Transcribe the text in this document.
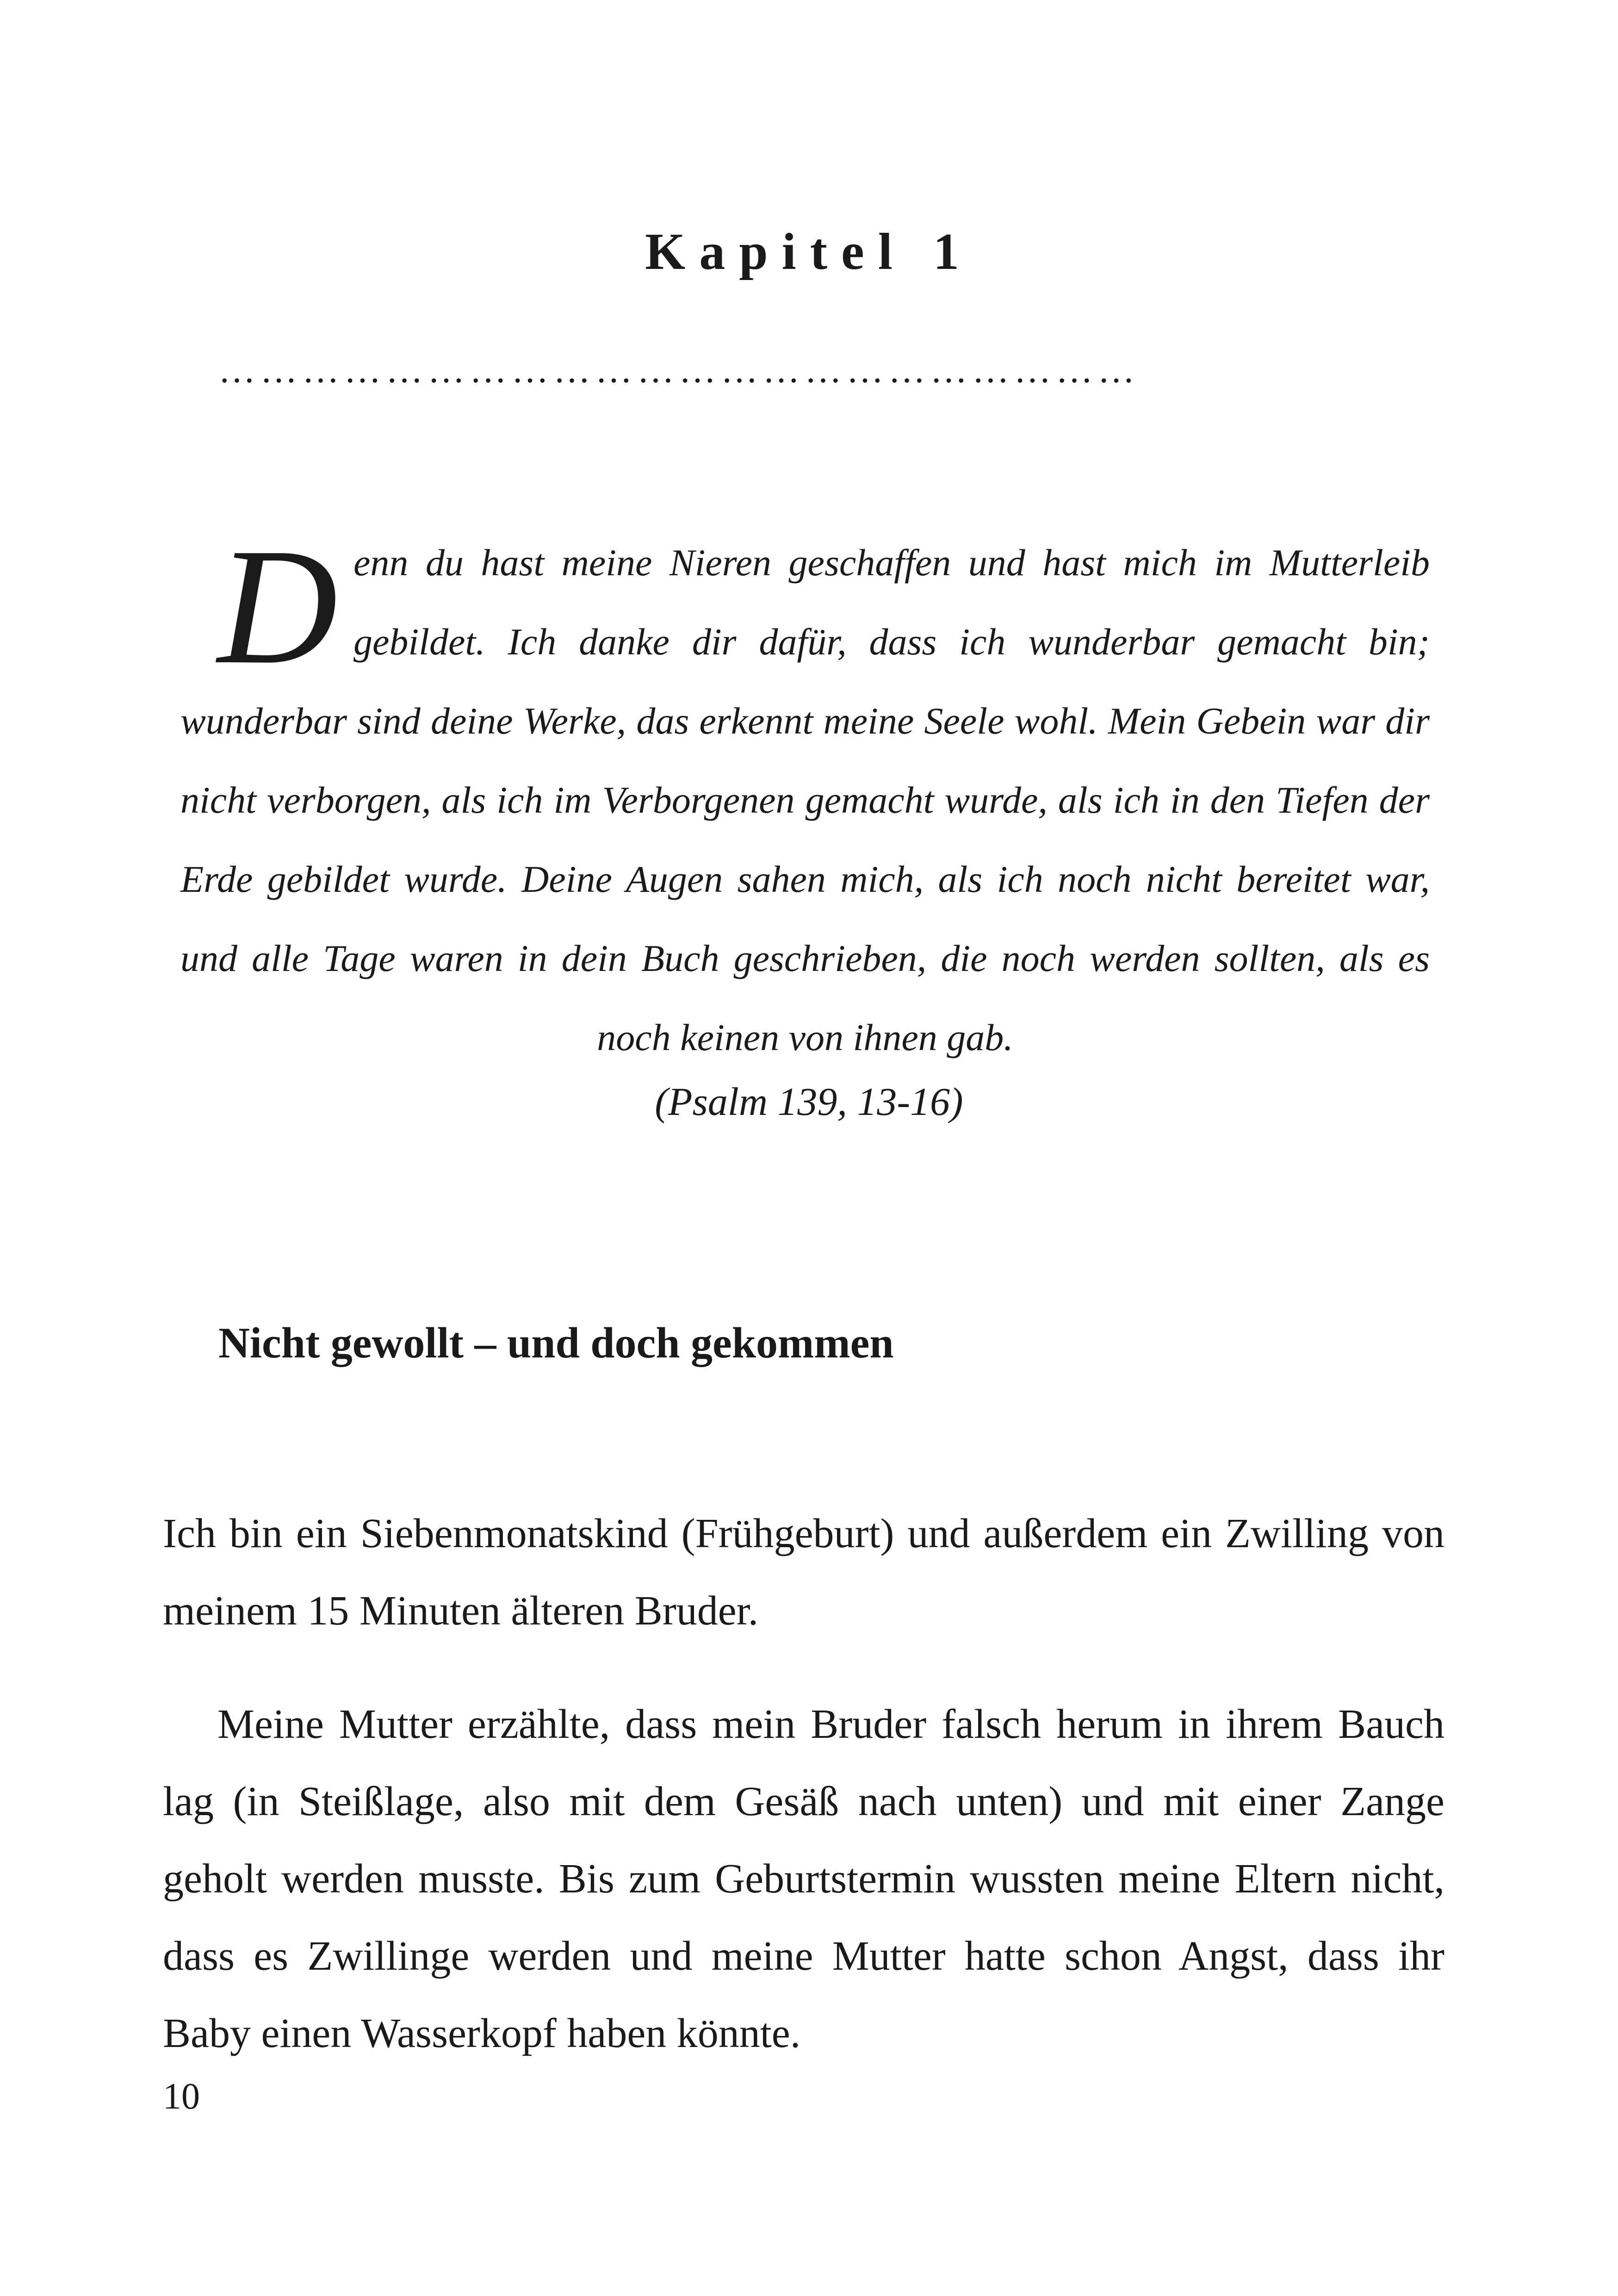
Kapitel 1
…………………………………………………………

Denn du hast meine Nieren geschaffen und hast mich im Mutterleib gebildet. Ich danke dir dafür, dass ich wunderbar gemacht bin; wunderbar sind deine Werke, das erkennt meine Seele wohl. Mein Gebein war dir nicht verborgen, als ich im Verborgenen gemacht wurde, als ich in den Tiefen der Erde gebildet wurde. Deine Augen sahen mich, als ich noch nicht bereitet war, und alle Tage waren in dein Buch geschrieben, die noch werden sollten, als es noch keinen von ihnen gab.

(Psalm 139, 13-16)

Nicht gewollt – und doch gekommen

Ich bin ein Siebenmonatskind (Frühgeburt) und außerdem ein Zwilling von meinem 15 Minuten älteren Bruder.

Meine Mutter erzählte, dass mein Bruder falsch herum in ihrem Bauch lag (in Steißlage, also mit dem Gesäß nach unten) und mit einer Zange geholt werden musste. Bis zum Geburtstermin wussten meine Eltern nicht, dass es Zwillinge werden und meine Mutter hatte schon Angst, dass ihr Baby einen Wasserkopf haben könnte.

10
